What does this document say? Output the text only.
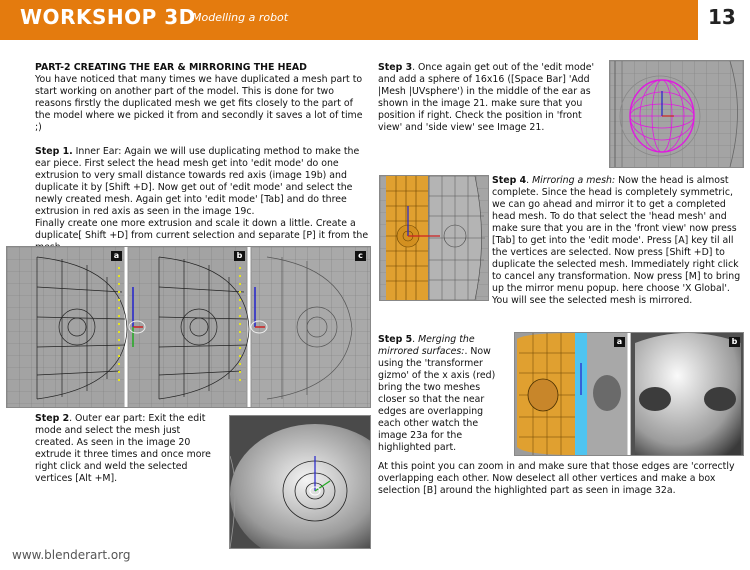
WORKSHOP 3D
Modelling a robot	13

PART-2 CREATING THE EAR & MIRRORING THE HEAD

You have noticed that many times we have duplicated a mesh part to start working on another part of the model. This is done for two reasons firstly the duplicated mesh we get fits closely to the part of the model where we picked it from and secondly it saves a lot of time ;)

Step 1. Inner Ear: Again we will use duplicating method to make the ear piece. First select the head mesh get into 'edit mode' do one extrusion to very small distance towards red axis (image 19b) and duplicate it by [Shift +D]. Now get out of 'edit mode' and select the newly created mesh. Again get into 'edit mode' [Tab] and do three extrusion in red axis as seen in the image 19c.

Finally create one more extrusion and scale it down a little. Create a duplicate[ Shift +D] from current selection and separate [P] it from the

a	b	c

Step 2. Outer ear part: Exit the edit mode and select the mesh just created. As seen in the image 20 extrude it three times and once more right click and weld the selected vertices [Alt +M].

www.blenderart.org

Step 3. Once again get out of the 'edit mode' and add a sphere of 16x16 ([Space Bar] 'Add |Mesh |UVsphere') in the middle of the ear as shown in the image 21. make sure that you position if right. Check the position in 'front view' and 'side view' see Image 21.

Step 4. Mirroring a mesh: Now the head is almost complete. Since the head is completely symmetric, we can go ahead and mirror it to get a completed head mesh. To do that select the 'head mesh' and make sure that you are in the 'front view' now press [Tab] to get into the 'edit mode'. Press [A] key til all the vertices are selected. Now press [Shift +D] to duplicate the selected mesh. Immediately right click to cancel any transformation. Now press [M] to bring up the mirror menu popup. here choose 'X Global'. You will see the selected mesh is mirrored.

Step 5. Merging the mirrored surfaces:. Now using the 'transformer gizmo' of the x axis (red) bring the two meshes closer so that the near edges are overlapping each other watch the image 23a for the highlighted part.

a	b

At this point you can zoom in and make sure that those edges are 'correctly overlapping each other. Now deselect all other vertices and make a box selection [B] around the highlighted part as seen in image 32a.
